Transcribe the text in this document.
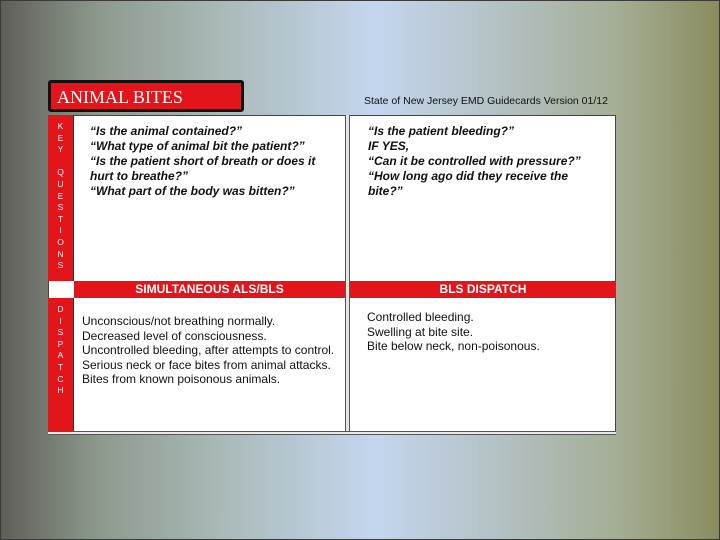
ANIMAL BITES	State of New Jersey EMD Guidecards Version 01/12
K
E
Y
Q
U
E
S
T
I
O
N
S
D
I
S
P
A
T
C
H
“Is the animal contained?”
“What type of animal bit the patient?”
“Is the patient short of breath or does it
hurt to breathe?”
“What part of the body was bitten?”
“Is the patient bleeding?”
IF YES,
“Can it be controlled with pressure?”
“How long ago did they receive the
bite?”
SIMULTANEOUS ALS/BLS	BLS DISPATCH
Unconscious/not breathing normally.
Decreased level of consciousness.
Uncontrolled bleeding, after attempts to control.
Serious neck or face bites from animal attacks.
Bites from known poisonous animals.
Controlled bleeding.
Swelling at bite site.
Bite below neck, non-poisonous.
